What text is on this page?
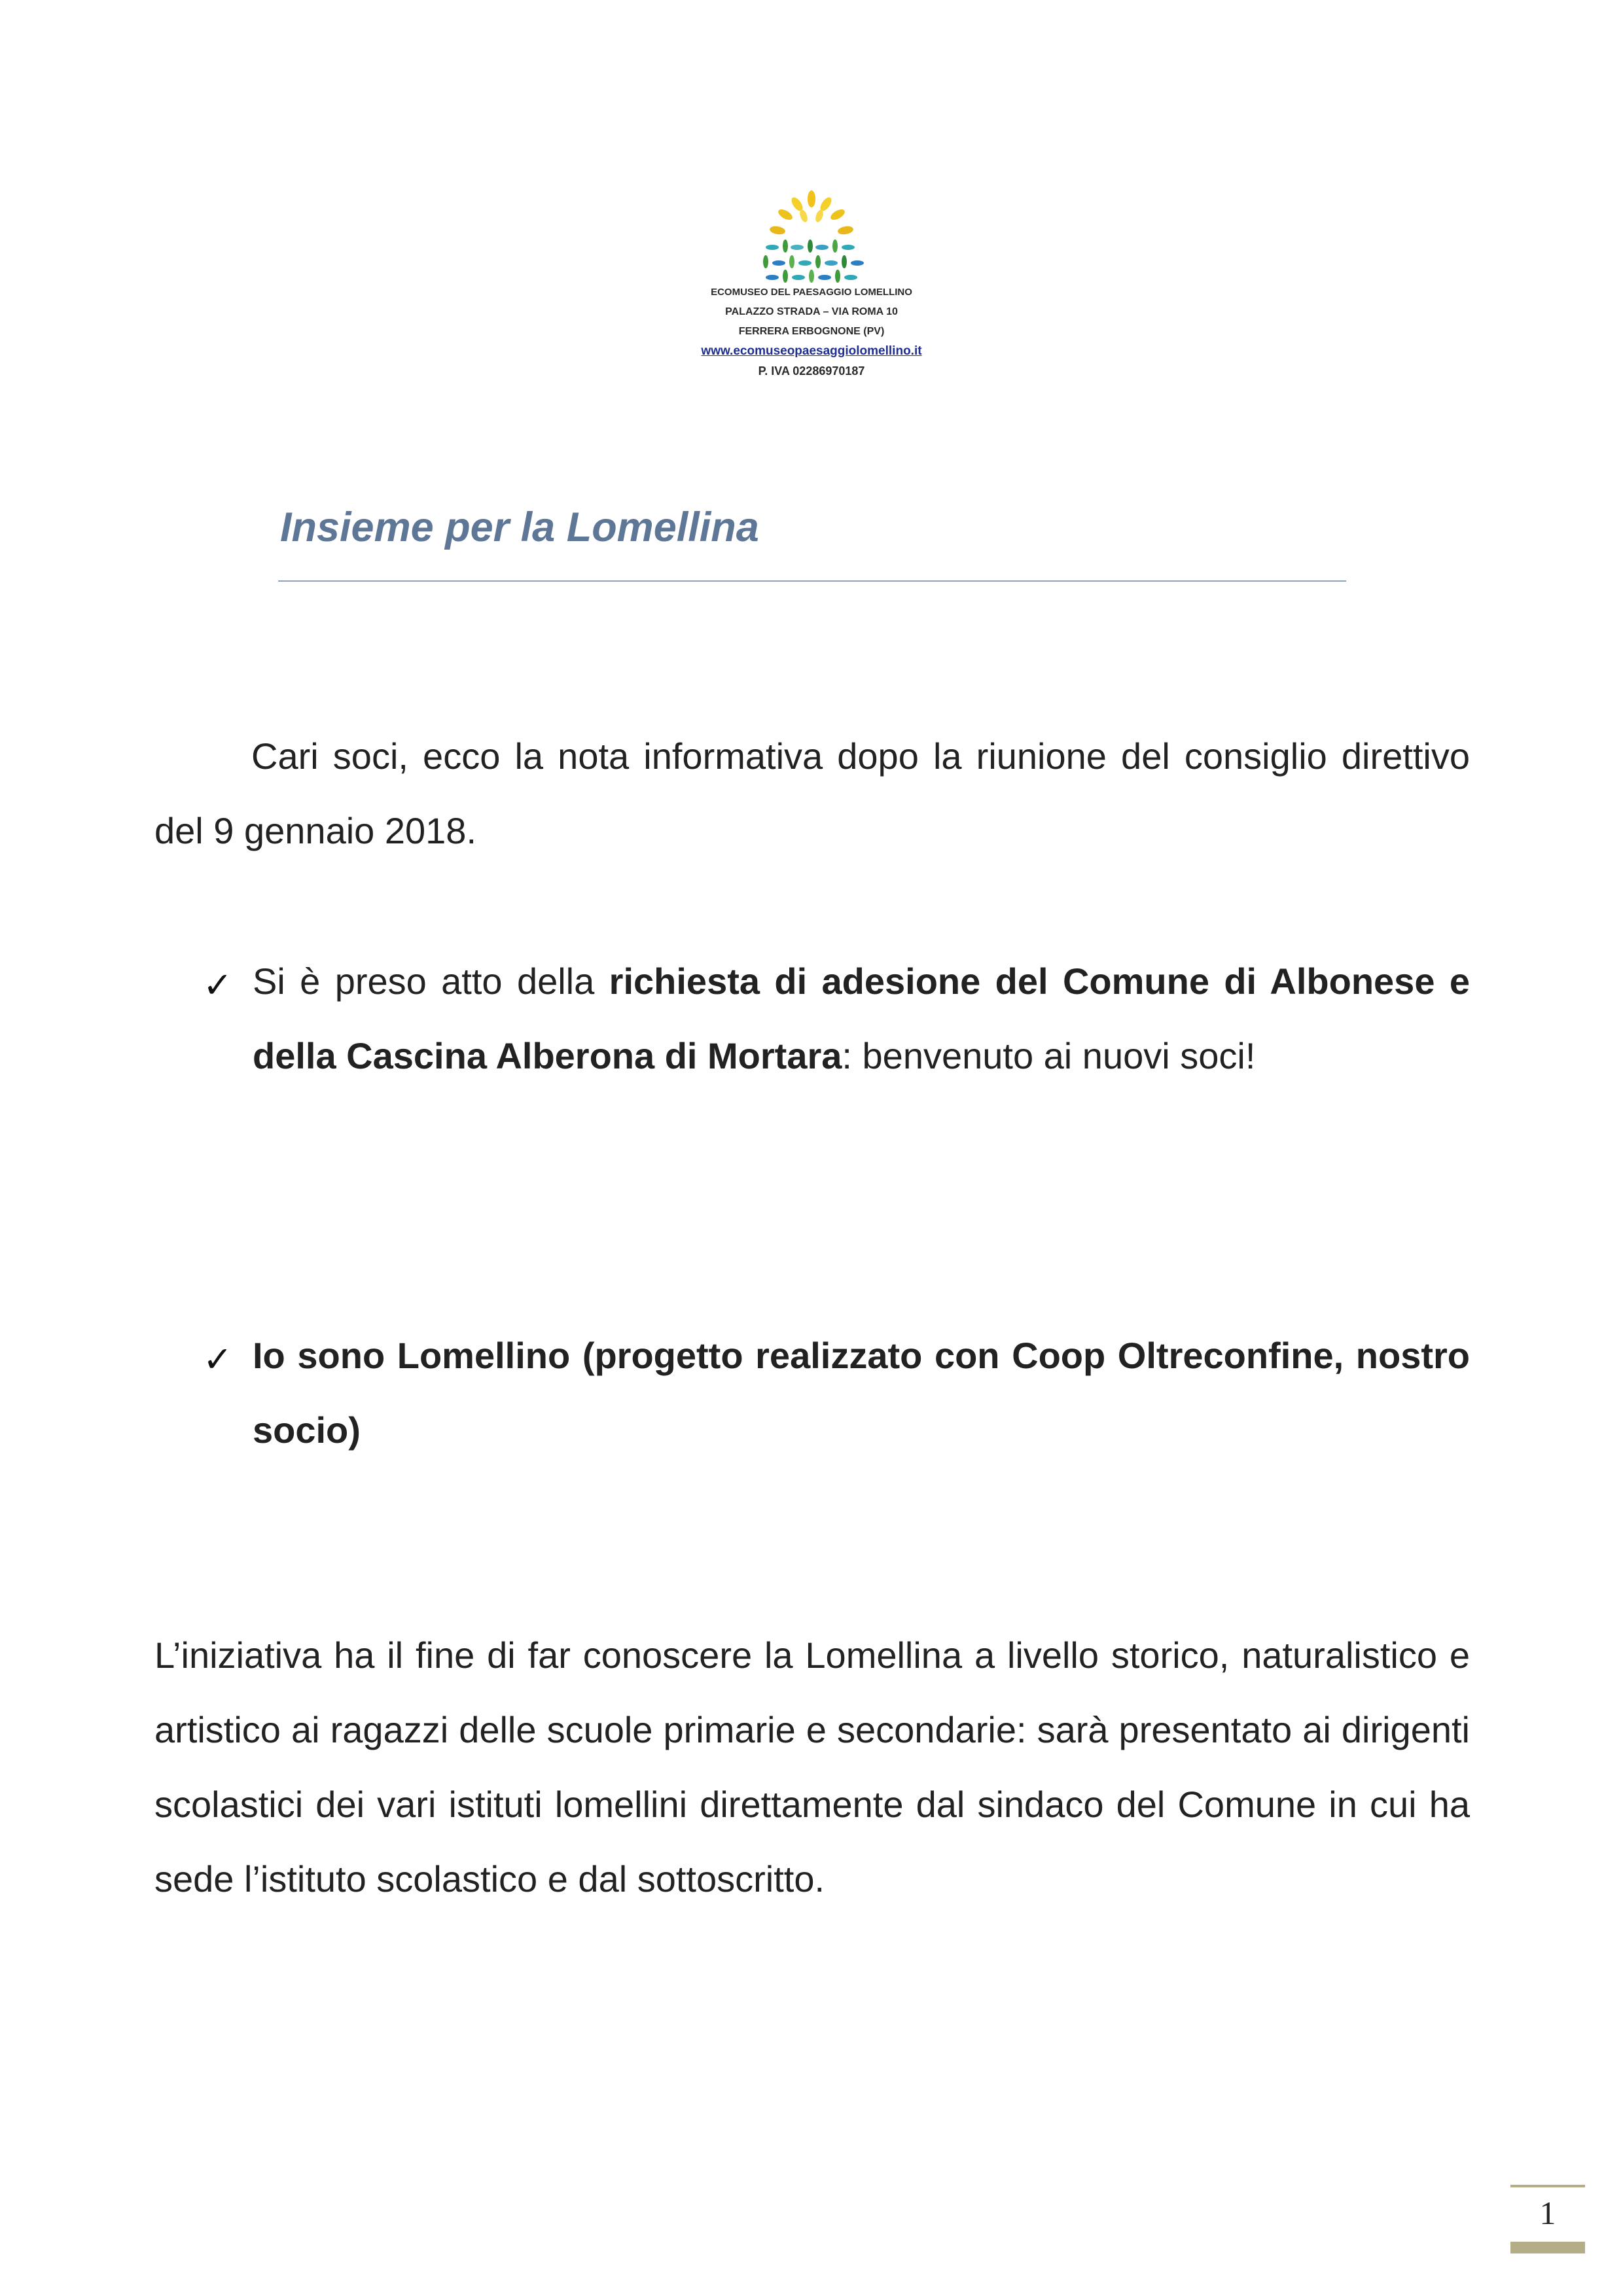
ECOMUSEO DEL PAESAGGIO LOMELLINO
PALAZZO STRADA – VIA ROMA 10
FERRERA ERBOGNONE (PV)
www.ecomuseopaesaggiolomellino.it
P. IVA 02286970187
Insieme per la Lomellina
Cari soci, ecco la nota informativa dopo la riunione del consiglio direttivo del 9 gennaio 2018.
✓ Si è preso atto della richiesta di adesione del Comune di Albonese e della Cascina Alberona di Mortara: benvenuto ai nuovi soci!
✓ Io sono Lomellino (progetto realizzato con Coop Oltreconfine, nostro socio)
L’iniziativa ha il fine di far conoscere la Lomellina a livello storico, naturalistico e artistico ai ragazzi delle scuole primarie e secondarie: sarà presentato ai dirigenti scolastici dei vari istituti lomellini direttamente dal sindaco del Comune in cui ha sede l’istituto scolastico e dal sottoscritto.
1
